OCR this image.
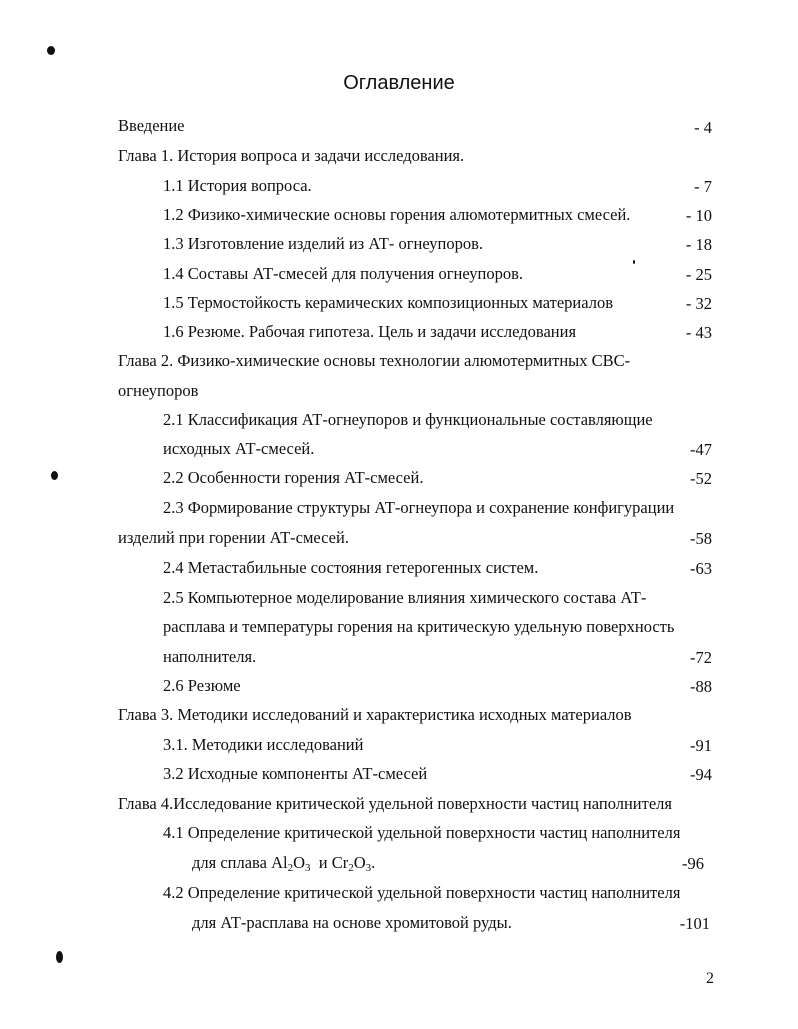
Оглавление
Введение	- 4
Глава 1. История вопроса и задачи исследования.
1.1 История вопроса.	- 7
1.2 Физико-химические основы горения алюмотермитных смесей.	- 10
1.3 Изготовление изделий из АТ- огнеупоров.	- 18
1.4 Составы АТ-смесей для получения огнеупоров.	- 25
1.5 Термостойкость керамических композиционных материалов	- 32
1.6 Резюме. Рабочая гипотеза. Цель и задачи исследования	- 43
Глава 2. Физико-химические основы технологии алюмотермитных СВС-
огнеупоров
2.1 Классификация АТ-огнеупоров и функциональные составляющие
исходных АТ-смесей.	-47
2.2 Особенности горения АТ-смесей.	-52
2.3 Формирование структуры АТ-огнеупора и сохранение конфигурации
изделий при горении АТ-смесей.	-58
2.4 Метастабильные состояния гетерогенных систем.	-63
2.5 Компьютерное моделирование влияния химического состава АТ-
расплава и температуры горения на критическую удельную поверхность
наполнителя.	-72
2.6 Резюме	-88
Глава 3. Методики исследований и характеристика исходных материалов
3.1. Методики исследований	-91
3.2 Исходные компоненты АТ-смесей	-94
Глава 4.Исследование критической удельной поверхности частиц наполнителя
4.1 Определение критической удельной поверхности частиц наполнителя
для сплава $Al_2O_3$  и $Cr_2O_3$.	-96
4.2 Определение критической удельной поверхности частиц наполнителя
для АТ-расплава на основе хромитовой руды.	-101
2
